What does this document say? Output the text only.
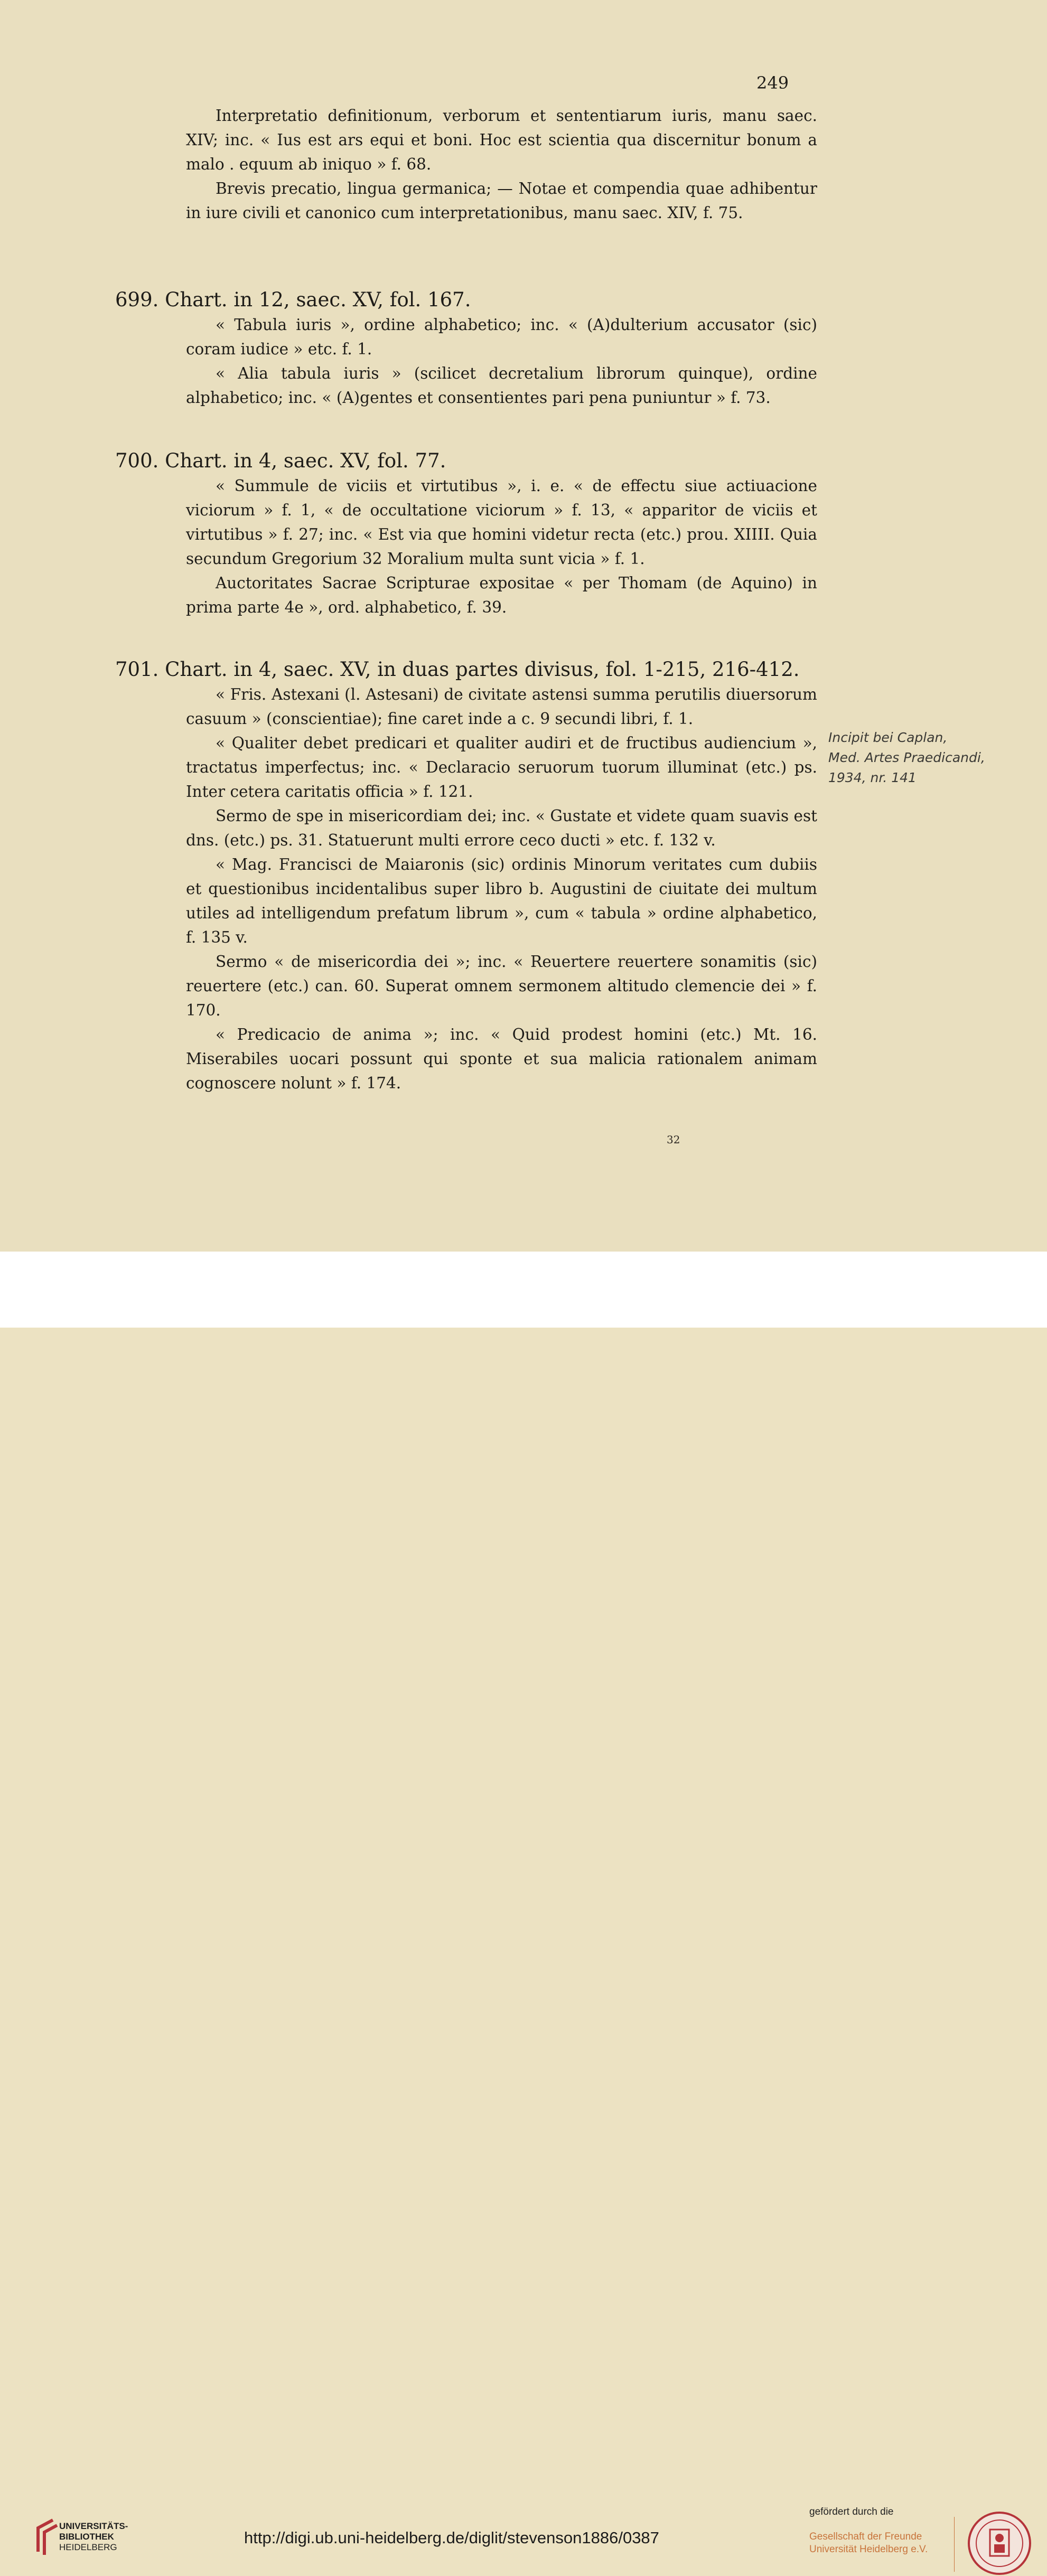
249

Interpretatio definitionum, verborum et sententiarum iuris, manu saec. XIV; inc. « Ius est ars equi et boni. Hoc est scientia qua discernitur bonum a malo . equum ab iniquo » f. 68.

Brevis precatio, lingua germanica; — Notae et compendia quae adhibentur in iure civili et canonico cum interpretationibus, manu saec. XIV, f. 75.

699. Chart. in 12, saec. XV, fol. 167.

« Tabula iuris », ordine alphabetico; inc. « (A)dulterium accusator (sic) coram iudice » etc. f. 1.

« Alia tabula iuris » (scilicet decretalium librorum quinque), ordine alphabetico; inc. « (A)gentes et consentientes pari pena puniuntur » f. 73.

700. Chart. in 4, saec. XV, fol. 77.

« Summule de viciis et virtutibus », i. e. « de effectu siue actiuacione viciorum » f. 1, « de occultatione viciorum » f. 13, « apparitor de viciis et virtutibus » f. 27; inc. « Est via que homini videtur recta (etc.) prou. XIIII. Quia secundum Gregorium 32 Moralium multa sunt vicia » f. 1.

Auctoritates Sacrae Scripturae expositae « per Thomam (de Aquino) in prima parte 4e », ord. alphabetico, f. 39.

701. Chart. in 4, saec. XV, in duas partes divisus, fol. 1-215, 216-412.

« Fris. Astexani (l. Astesani) de civitate astensi summa perutilis diuersorum casuum » (conscientiae); fine caret inde a c. 9 secundi libri, f. 1.

« Qualiter debet predicari et qualiter audiri et de fructibus audiencium », tractatus imperfectus; inc. « Declaracio seruorum tuorum illuminat (etc.) ps. Inter cetera caritatis officia » f. 121.

Sermo de spe in misericordiam dei; inc. « Gustate et videte quam suavis est dns. (etc.) ps. 31. Statuerunt multi errore ceco ducti » etc. f. 132 v.

« Mag. Francisci de Maiaronis (sic) ordinis Minorum veritates cum dubiis et questionibus incidentalibus super libro b. Augustini de ciuitate dei multum utiles ad intelligendum prefatum librum », cum « tabula » ordine alphabetico, f. 135 v.

Sermo « de misericordia dei »; inc. « Reuertere reuertere sonamitis (sic) reuertere (etc.) can. 60. Superat omnem sermonem altitudo clemencie dei » f. 170.

« Predicacio de anima »; inc. « Quid prodest homini (etc.) Mt. 16. Miserabiles uocari possunt qui sponte et sua malicia rationalem animam cognoscere nolunt » f. 174.

Incipit bei Caplan,
Med. Artes Praedicandi,
1934, nr. 141
32
UNIVERSITÄTS-
BIBLIOTHEK
HEIDELBERG
http://digi.ub.uni-heidelberg.de/diglit/stevenson1886/0387
gefördert durch die
Gesellschaft der Freunde
Universität Heidelberg e.V.
